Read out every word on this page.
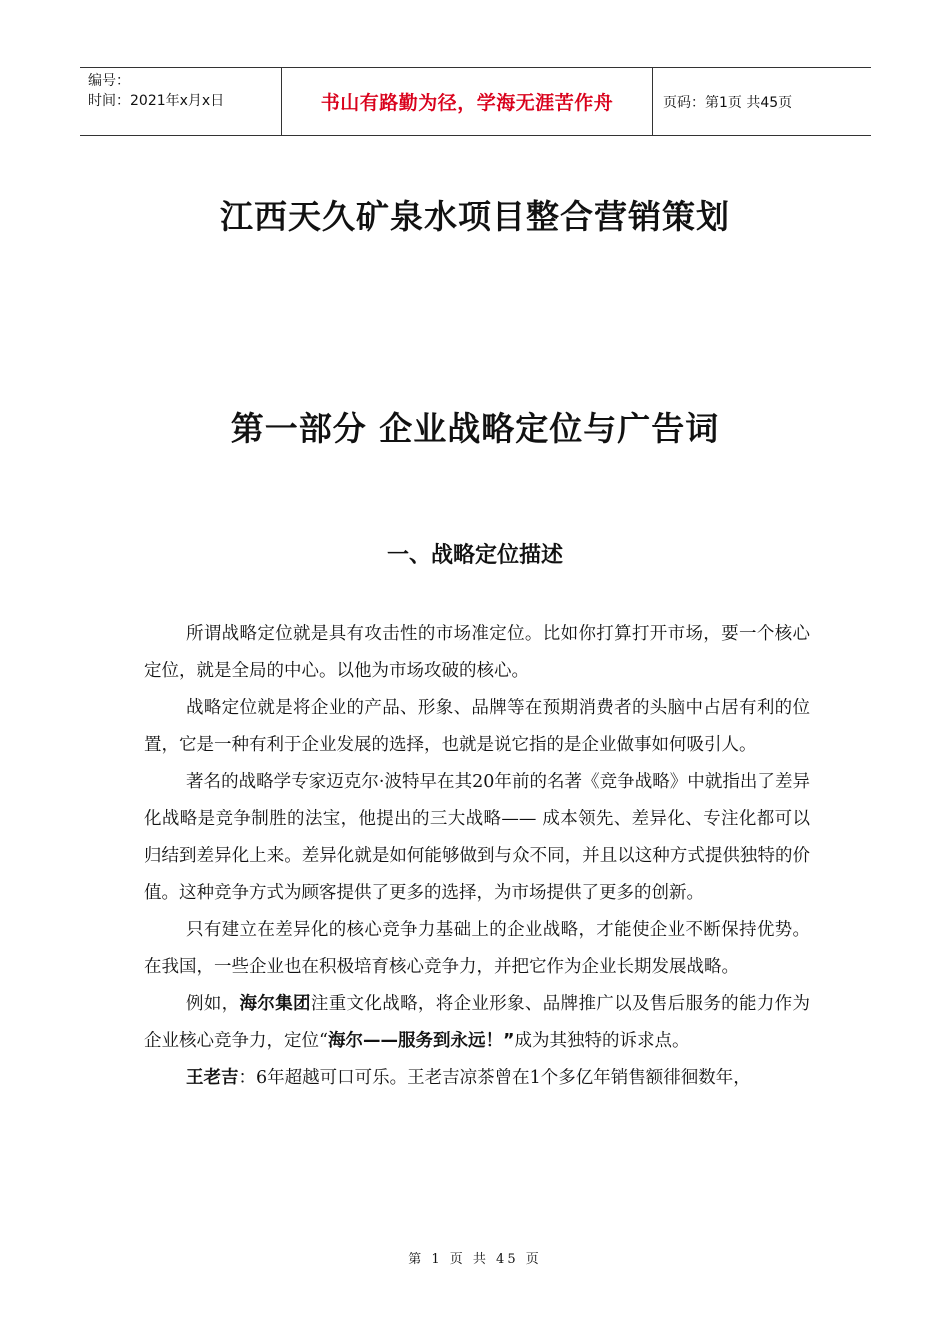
编号：
时间：2021年x月x日	书山有路勤为径，学海无涯苦作舟	页码：第1页 共45页
江西天久矿泉水项目整合营销策划
第一部分 企业战略定位与广告词
一、战略定位描述

所谓战略定位就是具有攻击性的市场准定位。比如你打算打开市场，要一个核心定位，就是全局的中心。以他为市场攻破的核心。

战略定位就是将企业的产品、形象、品牌等在预期消费者的头脑中占居有利的位置，它是一种有利于企业发展的选择，也就是说它指的是企业做事如何吸引人。

著名的战略学专家迈克尔·波特早在其20年前的名著《竞争战略》中就指出了差异化战略是竞争制胜的法宝，他提出的三大战略—— 成本领先、差异化、专注化都可以归结到差异化上来。差异化就是如何能够做到与众不同，并且以这种方式提供独特的价值。这种竞争方式为顾客提供了更多的选择，为市场提供了更多的创新。

只有建立在差异化的核心竞争力基础上的企业战略，才能使企业不断保持优势。在我国，一些企业也在积极培育核心竞争力，并把它作为企业长期发展战略。

例如，海尔集团注重文化战略，将企业形象、品牌推广以及售后服务的能力作为企业核心竞争力，定位“海尔——服务到永远！”成为其独特的诉求点。

王老吉：6年超越可口可乐。王老吉凉茶曾在1个多亿年销售额徘徊数年，

第 1 页 共 45 页
